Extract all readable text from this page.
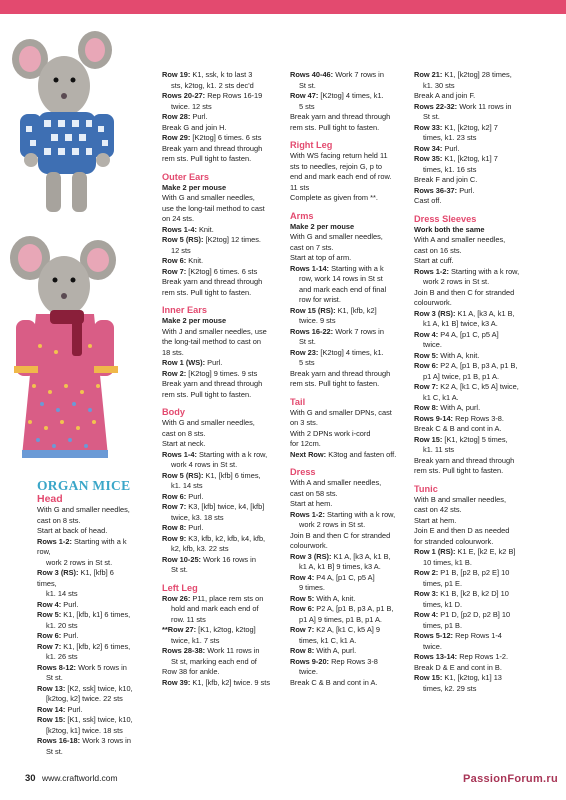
ORGAN MICE
Head
With G and smaller needles,
cast on 8 sts.
Start at back of head.
Rows 1-2: Starting with a k row,
work 2 rows in St st.
Row 3 (RS): K1, [kfb] 6 times,
k1. 14 sts
Row 4: Purl.
Row 5: K1, [kfb, k1] 6 times,
k1. 20 sts
Row 6: Purl.
Row 7: K1, [kfb, k2] 6 times,
k1. 26 sts
Rows 8-12: Work 5 rows in
St st.
Row 13: [K2, ssk] twice, k10,
[k2tog, k2] twice. 22 sts
Row 14: Purl.
Row 15: [K1, ssk] twice, k10,
[k2tog, k1] twice. 18 sts
Rows 16-18: Work 3 rows in
St st.
Row 19: K1, ssk, k to last 3
sts, k2tog, k1. 2 sts dec'd
Rows 20-27: Rep Rows 16-19
twice. 12 sts
Row 28: Purl.
Break G and join H.
Row 29: [K2tog] 6 times. 6 sts
Break yarn and thread through
rem sts. Pull tight to fasten.
Outer Ears
Make 2 per mouse
With G and smaller needles,
use the long-tail method to cast
on 24 sts.
Rows 1-4: Knit.
Row 5 (RS): [K2tog] 12 times.
12 sts
Row 6: Knit.
Row 7: [K2tog] 6 times. 6 sts
Break yarn and thread through
rem sts. Pull tight to fasten.
Inner Ears
Make 2 per mouse
With J and smaller needles, use
the long-tail method to cast on
18 sts.
Row 1 (WS): Purl.
Row 2: [K2tog] 9 times. 9 sts
Break yarn and thread through
rem sts. Pull tight to fasten.
Body
With G and smaller needles,
cast on 8 sts.
Start at neck.
Rows 1-4: Starting with a k row,
work 4 rows in St st.
Row 5 (RS): K1, [kfb] 6 times,
k1. 14 sts
Row 6: Purl.
Row 7: K3, [kfb] twice, k4, [kfb]
twice, k3. 18 sts
Row 8: Purl.
Row 9: K3, kfb, k2, kfb, k4, kfb,
k2, kfb, k3. 22 sts
Row 10-25: Work 16 rows in
St st.
Left Leg
Row 26: P11, place rem sts on
hold and mark each end of
row. 11 sts
**Row 27: [K1, k2tog, k2tog]
twice, k1. 7 sts
Rows 28-38: Work 11 rows in
St st, marking each end of
Row 38 for ankle.
Row 39: K1, [kfb, k2] twice. 9 sts
Rows 40-46: Work 7 rows in
St st.
Row 47: [K2tog] 4 times, k1.
5 sts
Break yarn and thread through
rem sts. Pull tight to fasten.
Right Leg
With WS facing return held 11
sts to needles, rejoin G, p to
end and mark each end of row.
11 sts
Complete as given from **.
Arms
Make 2 per mouse
With G and smaller needles,
cast on 7 sts.
Start at top of arm.
Rows 1-14: Starting with a k
row, work 14 rows in St st
and mark each end of final
row for wrist.
Row 15 (RS): K1, [kfb, k2]
twice. 9 sts
Rows 16-22: Work 7 rows in
St st.
Row 23: [K2tog] 4 times, k1.
5 sts
Break yarn and thread through
rem sts. Pull tight to fasten.
Tail
With G and smaller DPNs, cast
on 3 sts.
With 2 DPNs work i-cord
for 12cm.
Next Row: K3tog and fasten off.
Dress
With A and smaller needles,
cast on 58 sts.
Start at hem.
Rows 1-2: Starting with a k row,
work 2 rows in St st.
Join B and then C for stranded
colourwork.
Row 3 (RS): K1 A, [k3 A, k1 B,
k1 A, k1 B] 9 times, k3 A.
Row 4: P4 A, [p1 C, p5 A]
9 times.
Row 5: With A, knit.
Row 6: P2 A, [p1 B, p3 A, p1 B,
p1 A] 9 times, p1 B, p1 A.
Row 7: K2 A, [k1 C, k5 A] 9
times, k1 C, k1 A.
Row 8: With A, purl.
Rows 9-20: Rep Rows 3-8
twice.
Break C & B and cont in A.
Row 21: K1, [k2tog] 28 times,
k1. 30 sts
Break A and join F.
Rows 22-32: Work 11 rows in
St st.
Row 33: K1, [k2tog, k2] 7
times, k1. 23 sts
Row 34: Purl.
Row 35: K1, [k2tog, k1] 7
times, k1. 16 sts
Break F and join C.
Rows 36-37: Purl.
Cast off.
Dress Sleeves
Work both the same
With A and smaller needles,
cast on 16 sts.
Start at cuff.
Rows 1-2: Starting with a k row,
work 2 rows in St st.
Join B and then C for stranded
colourwork.
Row 3 (RS): K1 A, [k3 A, k1 B,
k1 A, k1 B] twice, k3 A.
Row 4: P4 A, [p1 C, p5 A]
twice.
Row 5: With A, knit.
Row 6: P2 A, [p1 B, p3 A, p1 B,
p1 A] twice, p1 B, p1 A.
Row 7: K2 A, [k1 C, k5 A] twice,
k1 C, k1 A.
Row 8: With A, purl.
Rows 9-14: Rep Rows 3-8.
Break C & B and cont in A.
Row 15: [K1, k2tog] 5 times,
k1. 11 sts
Break yarn and thread through
rem sts. Pull tight to fasten.
Tunic
With B and smaller needles,
cast on 42 sts.
Start at hem.
Join E and then D as needed
for stranded colourwork.
Row 1 (RS): K1 E, [k2 E, k2 B]
10 times, k1 B.
Row 2: P1 B, [p2 B, p2 E] 10
times, p1 E.
Row 3: K1 B, [k2 B, k2 D] 10
times, k1 D.
Row 4: P1 D, [p2 D, p2 B] 10
times, p1 B.
Rows 5-12: Rep Rows 1-4
twice.
Rows 13-14: Rep Rows 1-2.
Break D & E and cont in B.
Row 15: K1, [k2tog, k1] 13
times, k2. 29 sts
30 www.craftworld.com	PassionForum.ru
